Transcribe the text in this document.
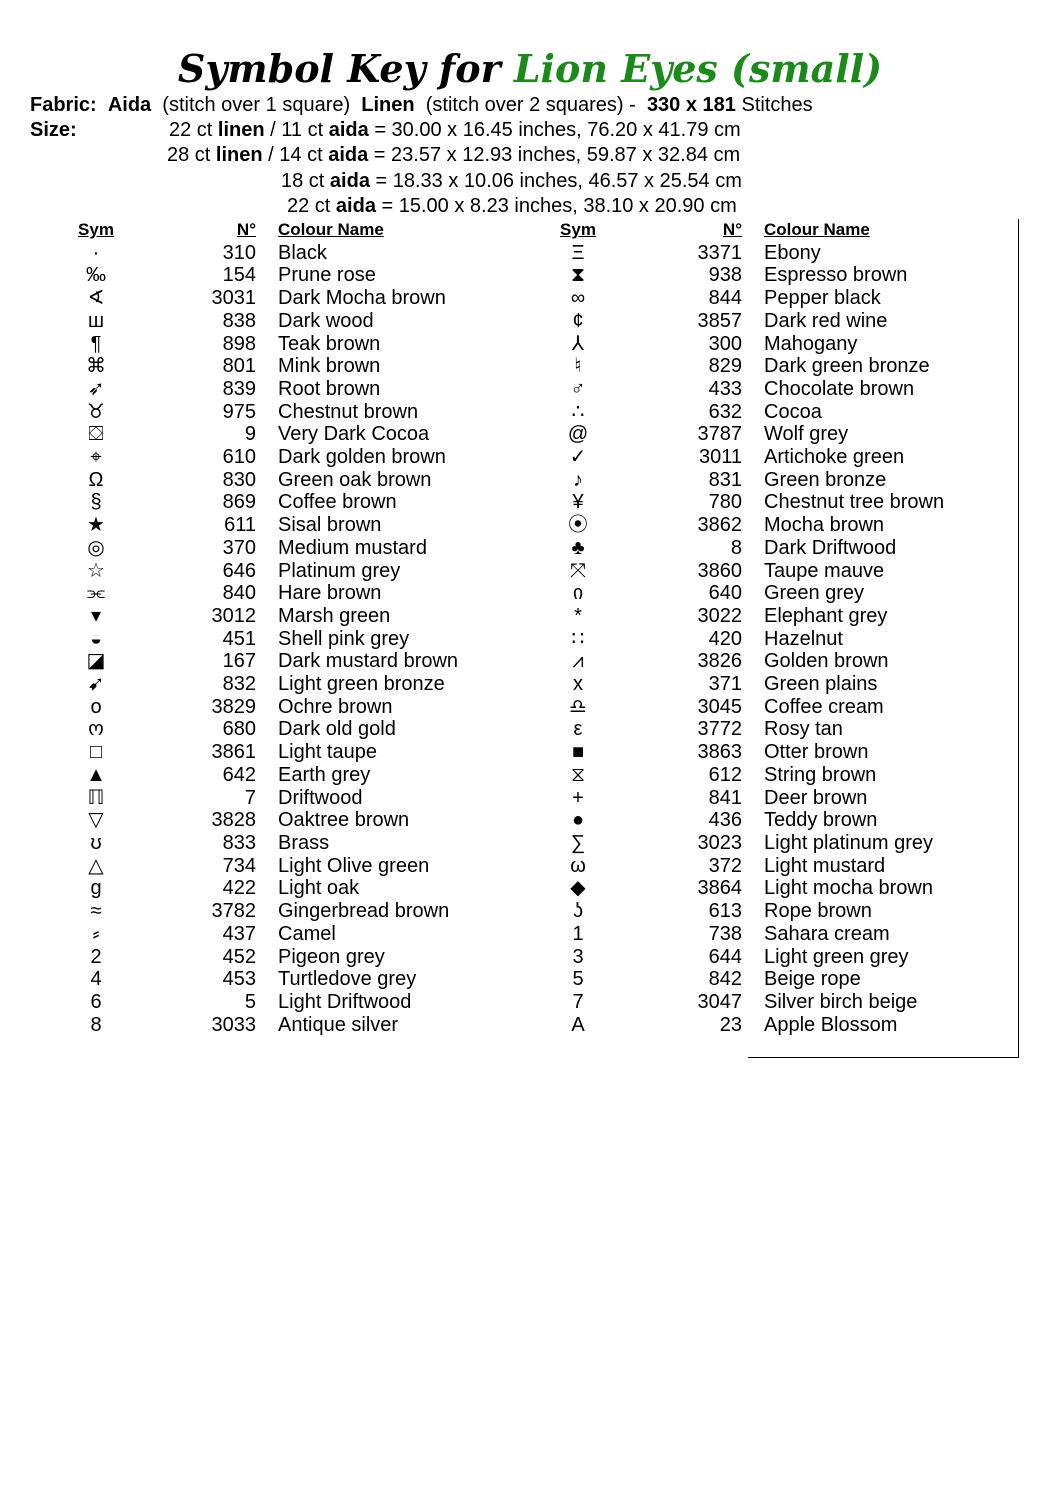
Symbol Key for Lion Eyes (small)
Fabric: Aida (stitch over 1 square) Linen (stitch over 2 squares) - 330 x 181 Stitches
Size:	22 ct linen / 11 ct aida = 30.00 x 16.45 inches, 76.20 x 41.79 cm
28 ct linen / 14 ct aida = 23.57 x 12.93 inches, 59.87 x 32.84 cm
18 ct aida = 18.33 x 10.06 inches, 46.57 x 25.54 cm
22 ct aida = 15.00 x 8.23 inches, 38.10 x 20.90 cm
Sym	N°	Colour Name
·	310	Black
‰	154	Prune rose
∢	3031	Dark Mocha brown
ш	838	Dark wood
¶	898	Teak brown
⌘	801	Mink brown
➶	839	Root brown
♉	975	Chestnut brown
⛋	9	Very Dark Cocoa
⌖	610	Dark golden brown
Ω	830	Green oak brown
§	869	Coffee brown
★	611	Sisal brown
◎	370	Medium mustard
☆	646	Platinum grey
⫘	840	Hare brown
▾	3012	Marsh green
◒	451	Shell pink grey
◪	167	Dark mustard brown
➹	832	Light green bronze
o	3829	Ochre brown
ო	680	Dark old gold
□	3861	Light taupe
▲	642	Earth grey
ℿ	7	Driftwood
▽	3828	Oaktree brown
ʊ	833	Brass
△	734	Light Olive green
g	422	Light oak
≈	3782	Gingerbread brown
⸗	437	Camel
2	452	Pigeon grey
4	453	Turtledove grey
6	5	Light Driftwood
8	3033	Antique silver
Sym	N°	Colour Name
Ξ	3371	Ebony
⧗	938	Espresso brown
∞	844	Pepper black
¢	3857	Dark red wine
⅄	300	Mahogany
♮	829	Dark green bronze
♂	433	Chocolate brown
∴	632	Cocoa
@	3787	Wolf grey
✓	3011	Artichoke green
♪	831	Green bronze
¥	780	Chestnut tree brown
⦿	3862	Mocha brown
♣	8	Dark Driftwood
⤧	3860	Taupe mauve
ი	640	Green grey
*	3022	Elephant grey
∷	420	Hazelnut
⩘	3826	Golden brown
x	371	Green plains
♎	3045	Coffee cream
ε	3772	Rosy tan
■	3863	Otter brown
⧖	612	String brown
+	841	Deer brown
●	436	Teddy brown
∑	3023	Light platinum grey
ω	372	Light mustard
◆	3864	Light mocha brown
ʖ	613	Rope brown
1	738	Sahara cream
3	644	Light green grey
5	842	Beige rope
7	3047	Silver birch beige
A	23	Apple Blossom
